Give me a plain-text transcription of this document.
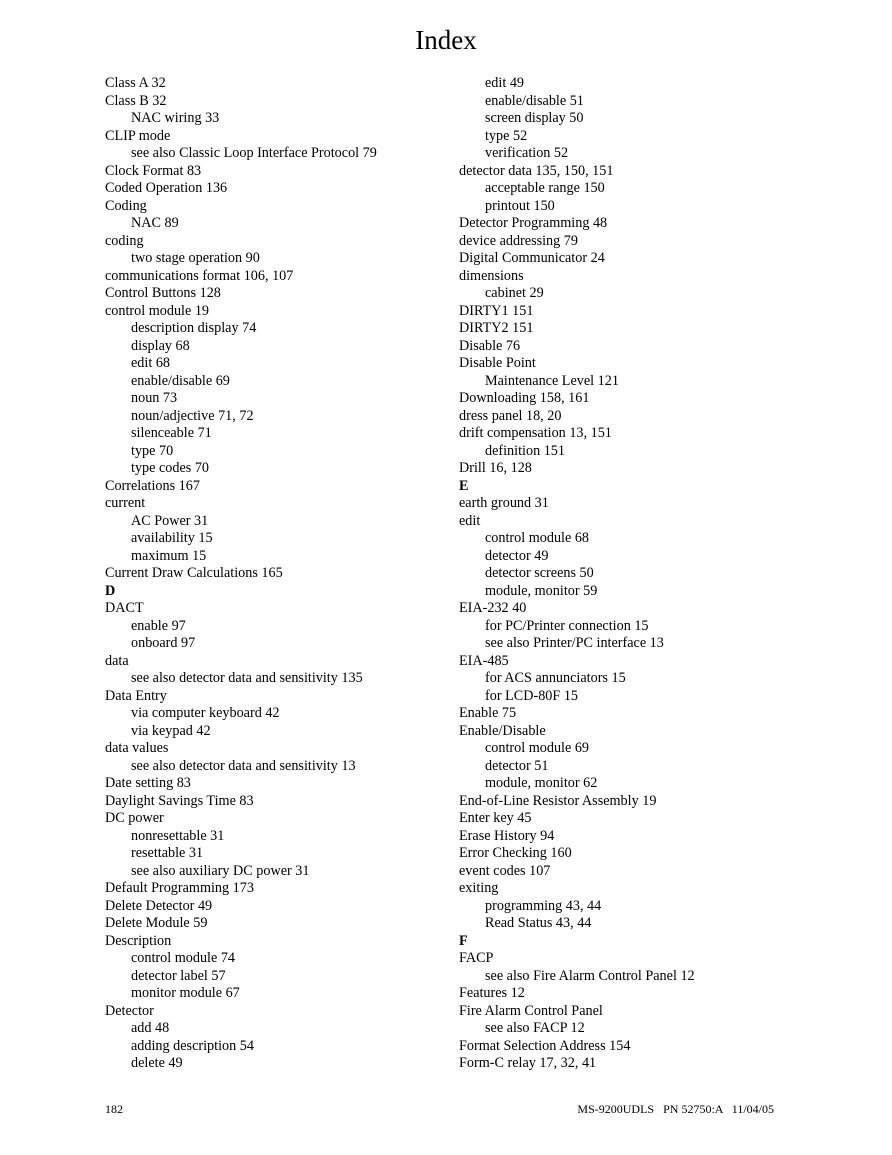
Index
Class A 32
Class B 32
NAC wiring 33
CLIP mode
see also Classic Loop Interface Protocol 79
Clock Format 83
Coded Operation 136
Coding
NAC 89
coding
two stage operation 90
communications format 106, 107
Control Buttons 128
control module 19
description display 74
display 68
edit 68
enable/disable 69
noun 73
noun/adjective 71, 72
silenceable 71
type 70
type codes 70
Correlations 167
current
AC Power 31
availability 15
maximum 15
Current Draw Calculations 165
D
DACT
enable 97
onboard 97
data
see also detector data and sensitivity 135
Data Entry
via computer keyboard 42
via keypad 42
data values
see also detector data and sensitivity 13
Date setting 83
Daylight Savings Time 83
DC power
nonresettable 31
resettable 31
see also auxiliary DC power 31
Default Programming 173
Delete Detector 49
Delete Module 59
Description
control module 74
detector label 57
monitor module 67
Detector
add 48
adding description 54
delete 49
edit 49
enable/disable 51
screen display 50
type 52
verification 52
detector data 135, 150, 151
acceptable range 150
printout 150
Detector Programming 48
device addressing 79
Digital Communicator 24
dimensions
cabinet 29
DIRTY1 151
DIRTY2 151
Disable 76
Disable Point
Maintenance Level 121
Downloading 158, 161
dress panel 18, 20
drift compensation 13, 151
definition 151
Drill 16, 128
E
earth ground 31
edit
control module 68
detector 49
detector screens 50
module, monitor 59
EIA-232 40
for PC/Printer connection 15
see also Printer/PC interface 13
EIA-485
for ACS annunciators 15
for LCD-80F 15
Enable 75
Enable/Disable
control module 69
detector 51
module, monitor 62
End-of-Line Resistor Assembly 19
Enter key 45
Erase History 94
Error Checking 160
event codes 107
exiting
programming 43, 44
Read Status 43, 44
F
FACP
see also Fire Alarm Control Panel 12
Features 12
Fire Alarm Control Panel
see also FACP 12
Format Selection Address 154
Form-C relay 17, 32, 41
182	MS-9200UDLS   PN 52750:A   11/04/05
